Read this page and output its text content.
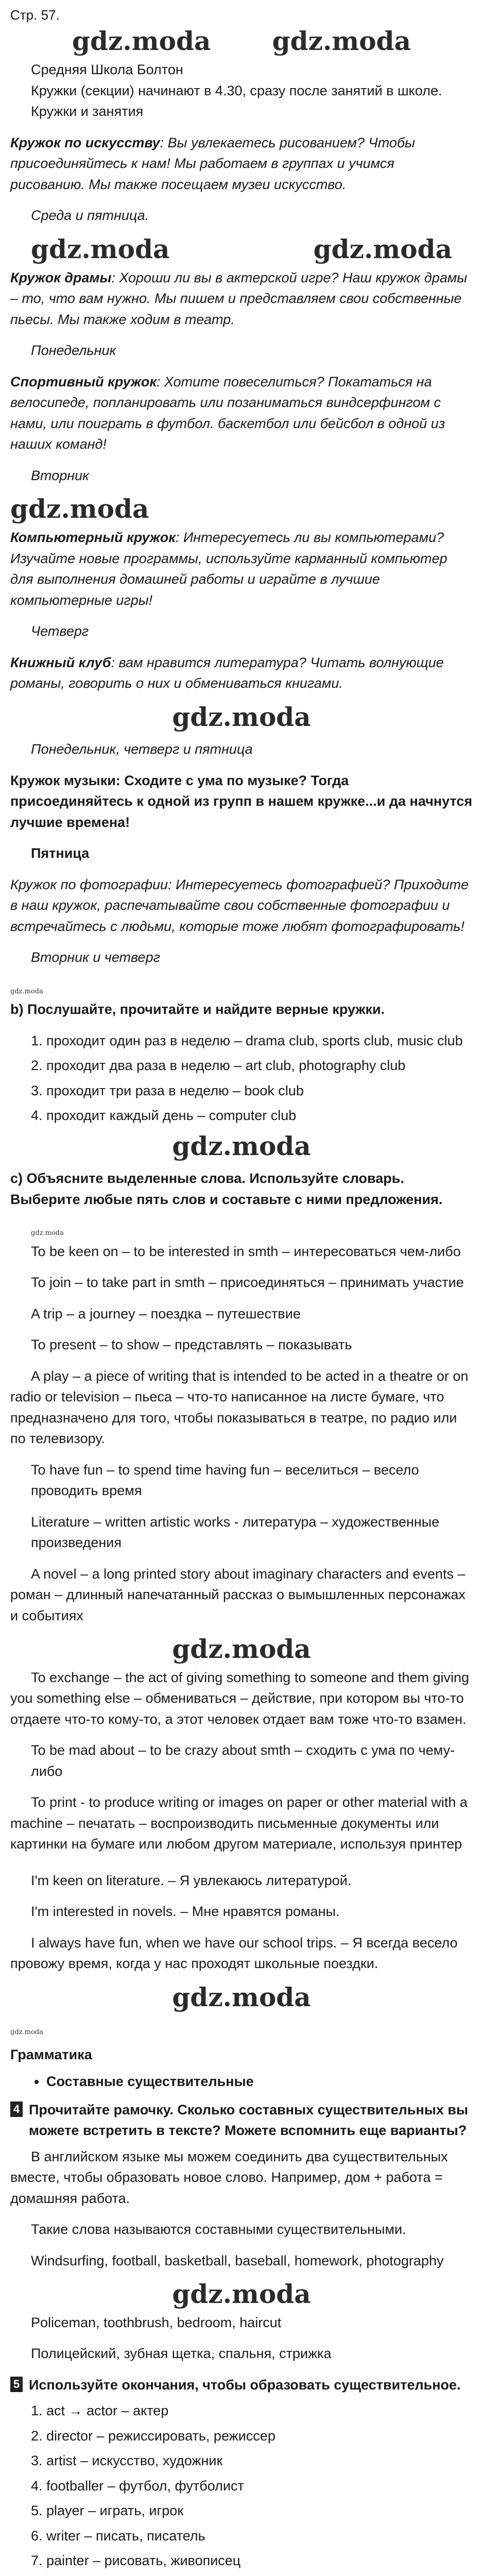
Стр. 57.
gdz.moda gdz.moda

Средняя Школа Болтон
Кружки (секции) начинают в 4.30, сразу после занятий в школе.
Кружки и занятия

Кружок по искусству: Вы увлекаетесь рисованием? Чтобы присоединяйтесь к нам! Мы работаем в группах и учимся рисованию. Мы также посещаем музеи искусство.

Среда и пятница.

gdz.moda	gdz.moda

Кружок драмы: Хороши ли вы в актерской игре? Наш кружок драмы – то, что вам нужно. Мы пишем и представляем свои собственные пьесы. Мы также ходим в театр.

Понедельник

Спортивный кружок: Хотите повеселиться? Покататься на велосипеде, попланировать или позаниматься виндсерфингом с нами, или поиграть в футбол. баскетбол или бейсбол в одной из наших команд!

Вторник

gdz.moda

Компьютерный кружок: Интересуетесь ли вы компьютерами? Изучайте новые программы, используйте карманный компьютер для выполнения домашней работы и играйте в лучшие компьютерные игры!

Четверг

Книжный клуб: вам нравится литература? Читать волнующие романы, говорить о них и обмениваться книгами.

gdz.moda

Понедельник, четверг и пятница

Кружок музыки: Сходите с ума по музыке? Тогда присоединяйтесь к одной из групп в нашем кружке...и да начнутся лучшие времена!

Пятница

Кружок по фотографии: Интересуетесь фотографией? Приходите в наш кружок, распечатывайте свои собственные фотографии и встречайтесь с людьми, которые тоже любят фотографировать!

Вторник и четверг

gdz.moda

b) Послушайте, прочитайте и найдите верные кружки.

1. проходит один раз в неделю – drama club, sports club, music club
2. проходит два раза в неделю – art club, photography club
3. проходит три раза в неделю – book club
4. проходит каждый день – computer club
gdz.moda

c) Объясните выделенные слова. Используйте словарь. Выберите любые пять слов и составьте с ними предложения.

gdz.moda

To be keen on – to be interested in smth – интересоваться чем-либо

To join – to take part in smth – присоединяться – принимать участие

A trip – a journey – поездка – путешествие

To present – to show – представлять – показывать

A play – a piece of writing that is intended to be acted in a theatre or on radio or television – пьеса – что-то написанное на листе бумаге, что предназначено для того, чтобы показываться в театре, по радио или по телевизору.

To have fun – to spend time having fun – веселиться – весело проводить время

Literature – written artistic works - литература – художественные произведения

A novel – a long printed story about imaginary characters and events – роман – длинный напечатанный рассказ о вымышленных персонажах и событиях

gdz.moda

To exchange – the act of giving something to someone and them giving you something else – обмениваться – действие, при котором вы что-то отдаете что-то кому-то, а этот человек отдает вам тоже что-то взамен.

To be mad about – to be crazy about smth – сходить с ума по чему-либо

To print - to produce writing or images on paper or other material with a machine – печатать – воспроизводить письменные документы или картинки на бумаге или любом другом материале, используя принтер

I'm keen on literature. – Я увлекаюсь литературой.

I'm interested in novels. – Мне нравятся романы.

I always have fun, when we have our school trips. – Я всегда весело провожу время, когда у нас проходят школьные поездки.

gdz.moda
gdz.moda
Грамматика
• Составные существительные
4 Прочитайте рамочку. Сколько составных существительных вы можете встретить в тексте? Можете вспомнить еще варианты?

В английском языке мы можем соединить два существительных вместе, чтобы образовать новое слово. Например, дом + работа = домашняя работа.

Такие слова называются составными существительными.

Windsurfing, football, basketball, baseball, homework, photography

gdz.moda

Policeman, toothbrush, bedroom, haircut

Полицейский, зубная щетка, спальня, стрижка

5 Используйте окончания, чтобы образовать существительное.
1. act → actor – актер
2. director – режиссировать, режиссер
3. artist – искусство, художник
4. footballer – футбол, футболист
5. player – играть, игрок
6. writer – писать, писатель
7. painter – рисовать, живописец
8.
